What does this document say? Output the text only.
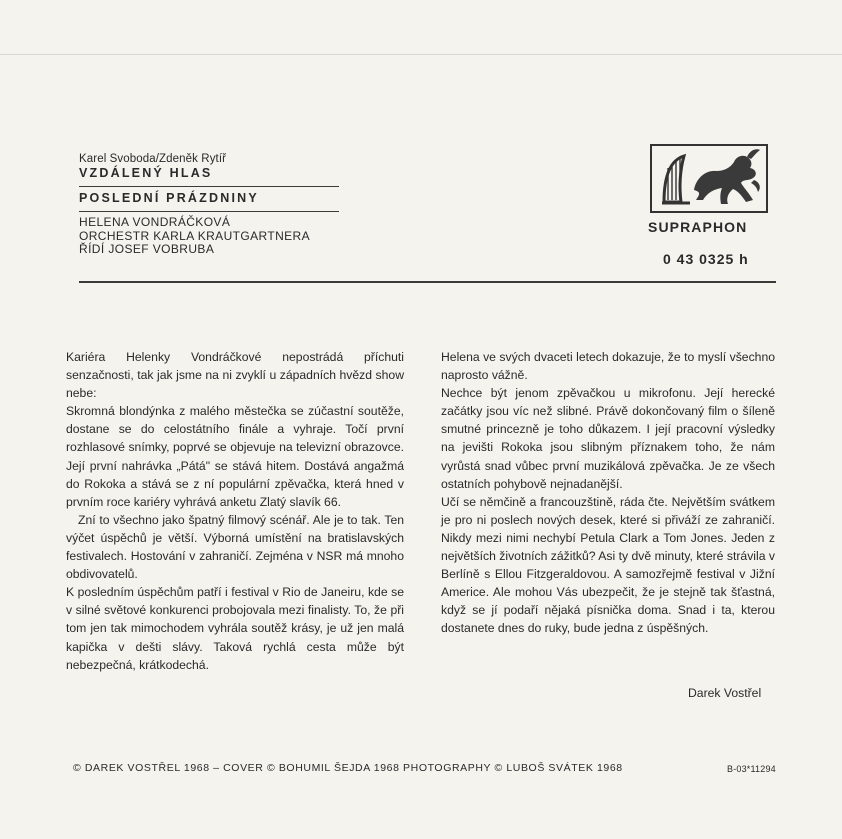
Karel Svoboda/Zdeněk Rytíř
VZDÁLENÝ HLAS
POSLEDNÍ PRÁZDNINY
HELENA VONDRÁČKOVÁ
ORCHESTR KARLA KRAUTGARTNERA
ŘÍDÍ JOSEF VOBRUBA
SUPRAPHON
0 43 0325 h

Kariéra Helenky Vondráčkové nepostrádá příchuti senzačnosti, tak jak jsme na ni zvyklí u západních hvězd show nebe:

Skromná blondýnka z malého městečka se zúčastní soutěže, dostane se do celostátního finále a vyhraje. Točí první rozhlasové snímky, poprvé se objevuje na televizní obrazovce. Její první nahrávka „Pátá" se stává hitem. Dostává angažmá do Rokoka a stává se z ní populární zpěvačka, která hned v prvním roce kariéry vyhrává anketu Zlatý slavík 66.

Zní to všechno jako špatný filmový scénář. Ale je to tak. Ten výčet úspěchů je větší. Výborná umístění na bratislavských festivalech. Hostování v zahraničí. Zejména v NSR má mnoho obdivovatelů.

K posledním úspěchům patří i festival v Rio de Janeiru, kde se v silné světové konkurenci probojovala mezi finalisty. To, že při tom jen tak mimochodem vyhrála soutěž krásy, je už jen malá kapička v dešti slávy. Taková rychlá cesta může být nebezpečná, krátkodechá.

Helena ve svých dvaceti letech dokazuje, že to myslí všechno naprosto vážně.

Nechce být jenom zpěvačkou u mikrofonu. Její herecké začátky jsou víc než slibné. Právě dokončovaný film o šíleně smutné princezně je toho důkazem. I její pracovní výsledky na jevišti Rokoka jsou slibným příznakem toho, že nám vyrůstá snad vůbec první muzikálová zpěvačka. Je ze všech ostatních pohybově nejnadanější.

Učí se němčině a francouzštině, ráda čte. Největším svátkem je pro ni poslech nových desek, které si přiváží ze zahraničí. Nikdy mezi nimi nechybí Petula Clark a Tom Jones. Jeden z největších životních zážitků? Asi ty dvě minuty, které strávila v Berlíně s Ellou Fitzgeraldovou. A samozřejmě festival v Jižní Americe. Ale mohou Vás ubezpečit, že je stejně tak šťastná, když se jí podaří nějaká písnička doma. Snad i ta, kterou dostanete dnes do ruky, bude jedna z úspěšných.

Darek Vostřel
© DAREK VOSTŘEL 1968 – COVER © BOHUMIL ŠEJDA 1968 PHOTOGRAPHY © LUBOŠ SVÁTEK 1968	B-03*11294
